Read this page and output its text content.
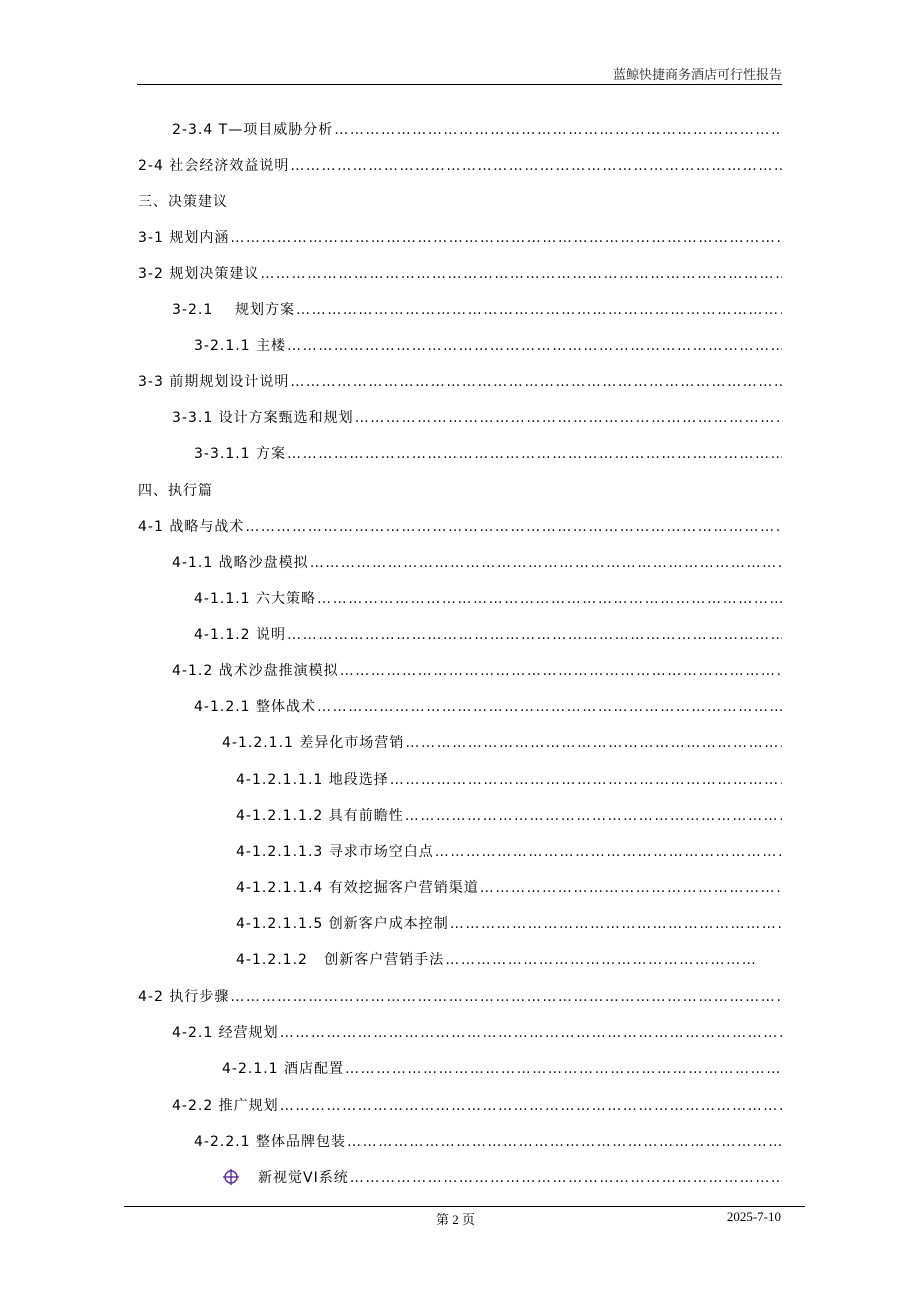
蓝鲸快捷商务酒店可行性报告
2-3.4 T—项目威胁分析
…………………………………………………………………………………………………………………………………………………………
2-4 社会经济效益说明
…………………………………………………………………………………………………………………………………………………………
三、决策建议
3-1 规划内涵
…………………………………………………………………………………………………………………………………………………………
3-2 规划决策建议
…………………………………………………………………………………………………………………………………………………………
3-2.1    规划方案
…………………………………………………………………………………………………………………………………………………………
3-2.1.1 主楼
…………………………………………………………………………………………………………………………………………………………
3-3 前期规划设计说明
…………………………………………………………………………………………………………………………………………………………
3-3.1 设计方案甄选和规划
…………………………………………………………………………………………………………………………………………………………
3-3.1.1 方案
…………………………………………………………………………………………………………………………………………………………
四、执行篇
4-1 战略与战术
…………………………………………………………………………………………………………………………………………………………
4-1.1 战略沙盘模拟
…………………………………………………………………………………………………………………………………………………………
4-1.1.1 六大策略
…………………………………………………………………………………………………………………………………………………………
4-1.1.2 说明
…………………………………………………………………………………………………………………………………………………………
4-1.2 战术沙盘推演模拟
…………………………………………………………………………………………………………………………………………………………
4-1.2.1 整体战术
…………………………………………………………………………………………………………………………………………………………
4-1.2.1.1 差异化市场营销
…………………………………………………………………………………………………………………………………………………………
4-1.2.1.1.1 地段选择
…………………………………………………………………………………………………………………………………………………………
4-1.2.1.1.2 具有前瞻性
…………………………………………………………………………………………………………………………………………………………
4-1.2.1.1.3 寻求市场空白点
…………………………………………………………………………………………………………………………………………………………
4-1.2.1.1.4 有效挖掘客户营销渠道
…………………………………………………………………………………………………………………………………………………………
4-1.2.1.1.5 创新客户成本控制
…………………………………………………………………………………………………………………………………………………………
4-1.2.1.2   创新客户营销手法
…………………………………………………………………………………………………………………………………………………………
4-2 执行步骤
…………………………………………………………………………………………………………………………………………………………
4-2.1 经营规划
…………………………………………………………………………………………………………………………………………………………
4-2.1.1 酒店配置
…………………………………………………………………………………………………………………………………………………………
4-2.2 推广规划
…………………………………………………………………………………………………………………………………………………………
4-2.2.1 整体品牌包装
…………………………………………………………………………………………………………………………………………………………
新视觉VI系统
…………………………………………………………………………………………………………………………………………………………
第 2 页	2025-7-10
